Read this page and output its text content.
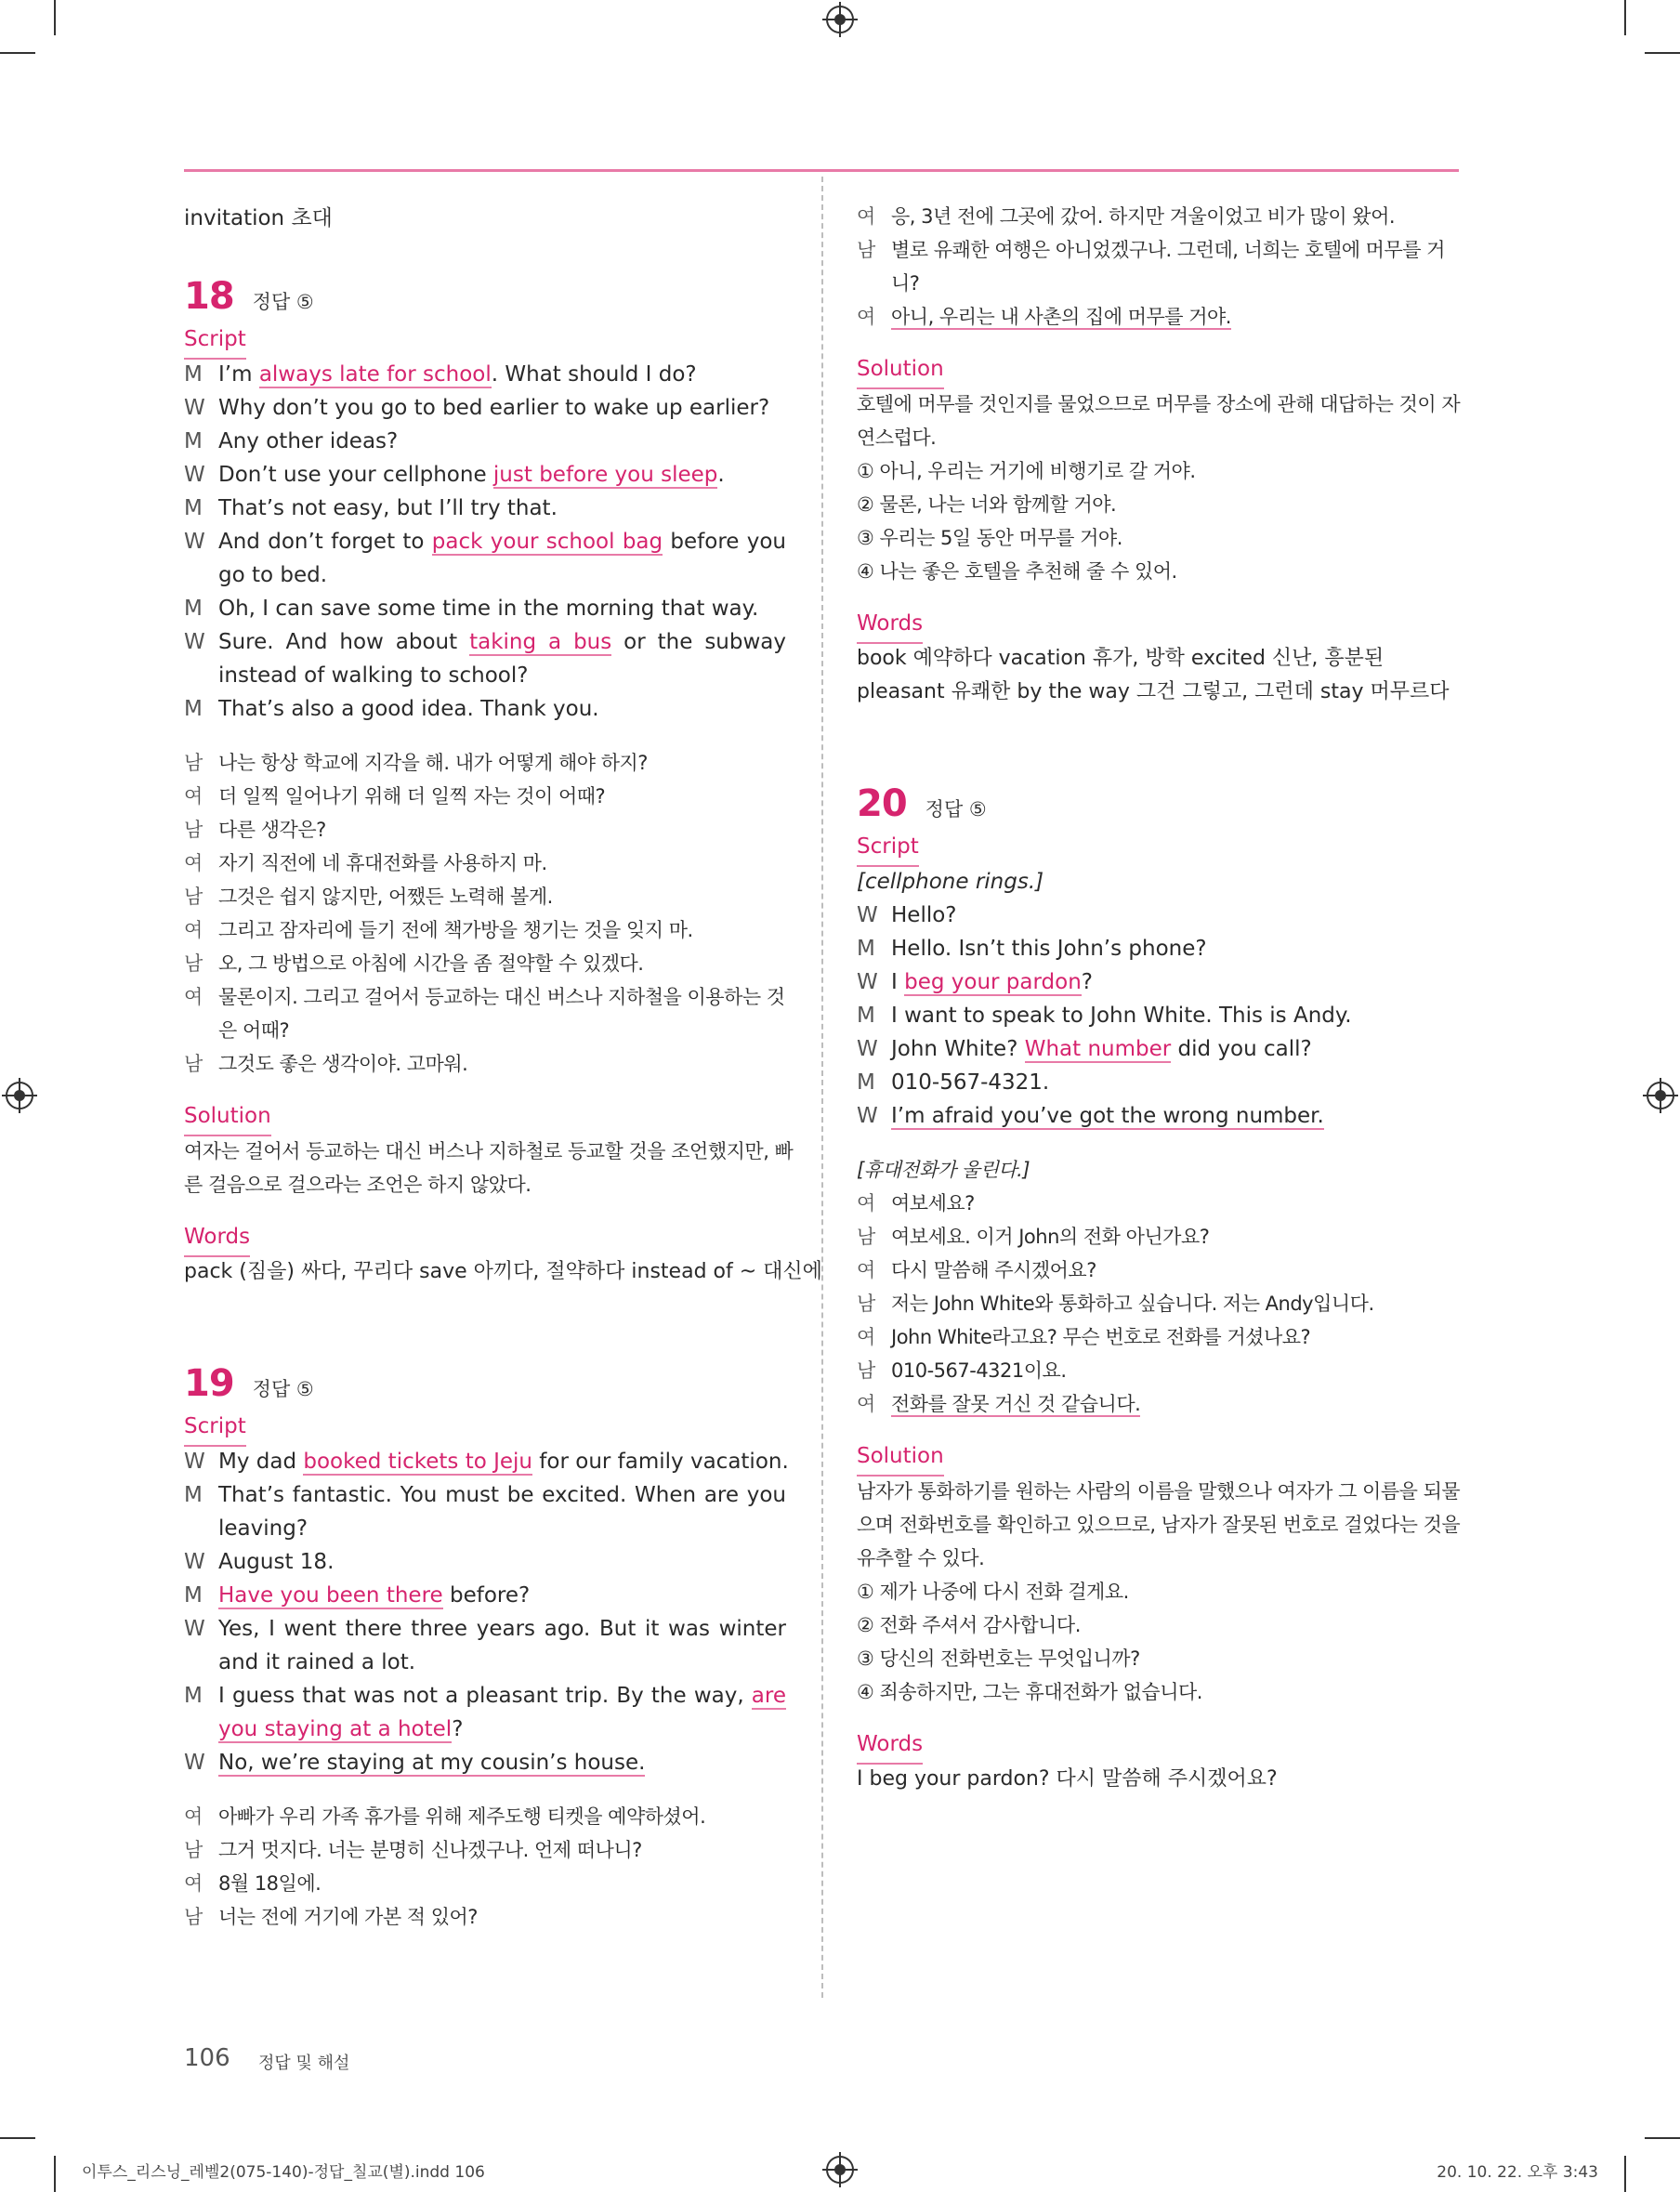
invitation 초대
18 정답 ⑤
Script
M I’m always late for school. What should I do?
W Why don’t you go to bed earlier to wake up earlier?
M Any other ideas?
W Don’t use your cellphone just before you sleep.
M That’s not easy, but I’ll try that.
W And don’t forget to pack your school bag before you
go to bed.
M Oh, I can save some time in the morning that way.
W Sure. And how about taking a bus or the subway
instead of walking to school?
M That’s also a good idea. Thank you.
남 나는 항상 학교에 지각을 해. 내가 어떻게 해야 하지?
여 더 일찍 일어나기 위해 더 일찍 자는 것이 어때?
남 다른 생각은?
여 자기 직전에 네 휴대전화를 사용하지 마.
남 그것은 쉽지 않지만, 어쨌든 노력해 볼게.
여 그리고 잠자리에 들기 전에 책가방을 챙기는 것을 잊지 마.
남 오, 그 방법으로 아침에 시간을 좀 절약할 수 있겠다.
여 물론이지. 그리고 걸어서 등교하는 대신 버스나 지하철을 이용하는 것
은 어때?
남 그것도 좋은 생각이야. 고마워.
Solution
여자는 걸어서 등교하는 대신 버스나 지하철로 등교할 것을 조언했지만, 빠
른 걸음으로 걸으라는 조언은 하지 않았다.
Words
pack (짐을) 싸다, 꾸리다 save 아끼다, 절약하다 instead of ~ 대신에
19 정답 ⑤
Script
W My dad booked tickets to Jeju for our family vacation.
M That’s fantastic. You must be excited. When are you
leaving?
W August 18.
M Have you been there before?
W Yes, I went there three years ago. But it was winter
and it rained a lot.
M I guess that was not a pleasant trip. By the way, are
you staying at a hotel?
W No, we’re staying at my cousin’s house.
여 아빠가 우리 가족 휴가를 위해 제주도행 티켓을 예약하셨어.
남 그거 멋지다. 너는 분명히 신나겠구나. 언제 떠나니?
여 8월 18일에.
남 너는 전에 거기에 가본 적 있어?
여 응, 3년 전에 그곳에 갔어. 하지만 겨울이었고 비가 많이 왔어.
남 별로 유쾌한 여행은 아니었겠구나. 그런데, 너희는 호텔에 머무를 거
니?
여 아니, 우리는 내 사촌의 집에 머무를 거야.
Solution
호텔에 머무를 것인지를 물었으므로 머무를 장소에 관해 대답하는 것이 자
연스럽다.
① 아니, 우리는 거기에 비행기로 갈 거야.
② 물론, 나는 너와 함께할 거야.
③ 우리는 5일 동안 머무를 거야.
④ 나는 좋은 호텔을 추천해 줄 수 있어.
Words
book 예약하다 vacation 휴가, 방학 excited 신난, 흥분된
pleasant 유쾌한 by the way 그건 그렇고, 그런데 stay 머무르다
20 정답 ⑤
Script
[cellphone rings.]
W Hello?
M Hello. Isn’t this John’s phone?
W I beg your pardon?
M I want to speak to John White. This is Andy.
W John White? What number did you call?
M 010-567-4321.
W I’m afraid you’ve got the wrong number.
[휴대전화가 울린다.]
여 여보세요?
남 여보세요. 이거 John의 전화 아닌가요?
여 다시 말씀해 주시겠어요?
남 저는 John White와 통화하고 싶습니다. 저는 Andy입니다.
여 John White라고요? 무슨 번호로 전화를 거셨나요?
남 010-567-4321이요.
여 전화를 잘못 거신 것 같습니다.
Solution
남자가 통화하기를 원하는 사람의 이름을 말했으나 여자가 그 이름을 되물
으며 전화번호를 확인하고 있으므로, 남자가 잘못된 번호로 걸었다는 것을
유추할 수 있다.
① 제가 나중에 다시 전화 걸게요.
② 전화 주셔서 감사합니다.
③ 당신의 전화번호는 무엇입니까?
④ 죄송하지만, 그는 휴대전화가 없습니다.
Words
I beg your pardon? 다시 말씀해 주시겠어요?
106 정답 및 해설
이투스_리스닝_레벨2(075-140)-정답_칠교(별).indd 106	20. 10. 22. 오후 3:43
